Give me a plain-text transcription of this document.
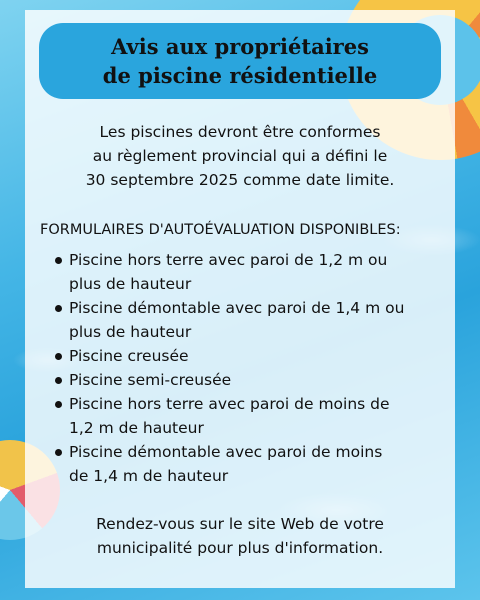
Avis aux propriétaires
de piscine résidentielle
Les piscines devront être conformes
au règlement provincial qui a défini le
30 septembre 2025 comme date limite.
FORMULAIRES D'AUTOÉVALUATION DISPONIBLES:
Piscine hors terre avec paroi de 1,2 m ou
plus de hauteur
Piscine démontable avec paroi de 1,4 m ou
plus de hauteur
Piscine creusée
Piscine semi-creusée
Piscine hors terre avec paroi de moins de
1,2 m de hauteur
Piscine démontable avec paroi de moins
de 1,4 m de hauteur
Rendez-vous sur le site Web de votre
municipalité pour plus d'information.
